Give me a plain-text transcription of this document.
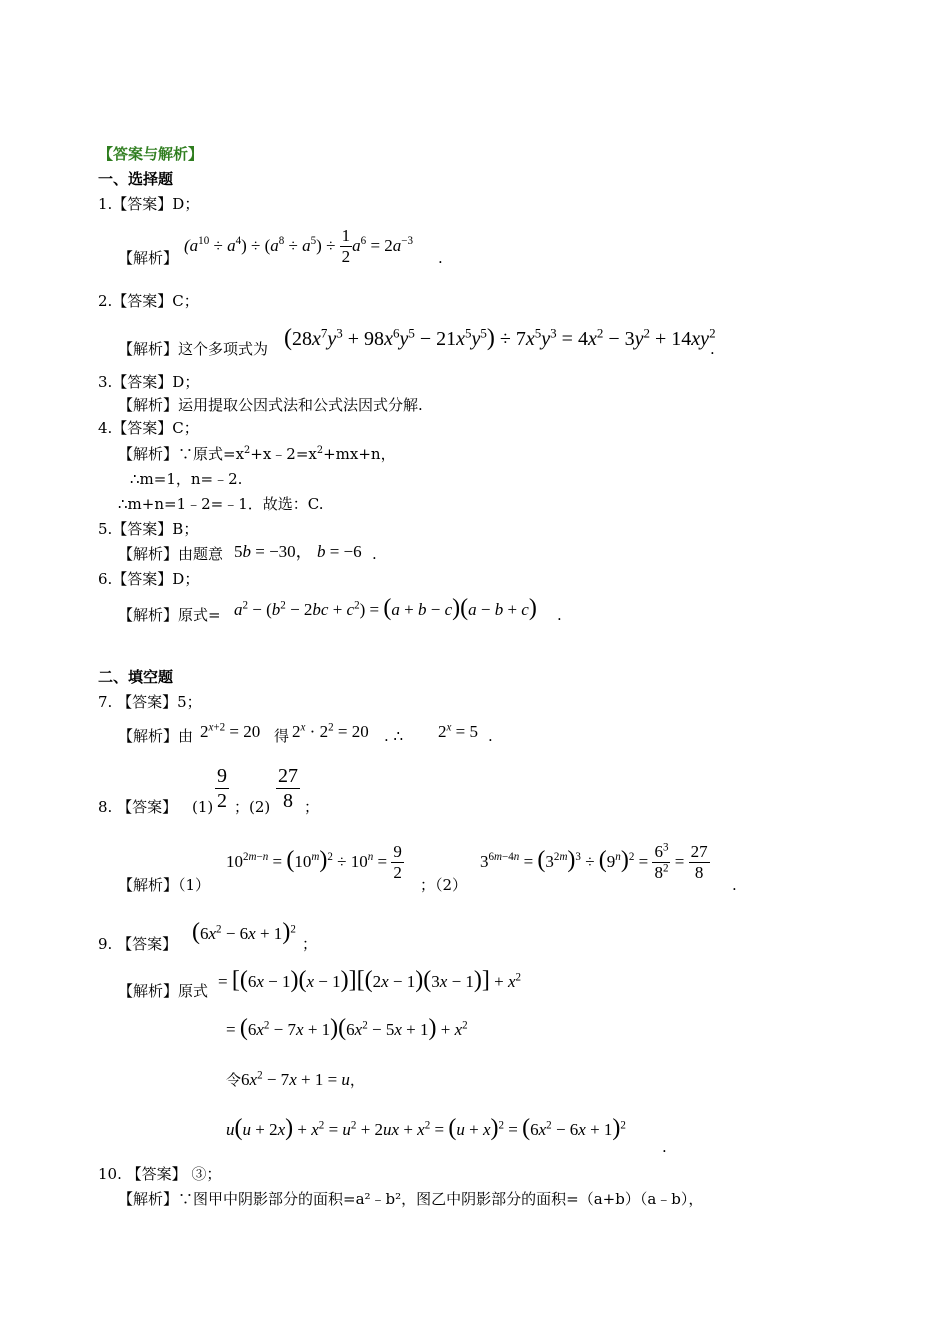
【答案与解析】
一、选择题
1.【答案】D；
【解析】
$(a^{10} \div a^4) \div (a^8 \div a^5) \div \frac{1}{2} a^6 = 2a^{-3}$
.
2.【答案】C；
【解析】这个多项式为 $(28x^7y^3 + 98x^6y^5 - 21x^5y^5) \div 7x^5y^3 = 4x^2 - 3y^2 + 14xy^2$
.
3.【答案】D；
【解析】运用提取公因式法和公式法因式分解.
4.【答案】C；
【解析】∵原式$=x^2+x﹣2=x^2+mx+n$，
∴m=1，n=﹣2.
∴m+n=1﹣2=﹣1．故选：C.
5.【答案】B；
【解析】由题意 5b = −30， b = −6 .
6.【答案】D；
【解析】原式= $a^2 - (b^2 - 2bc + c^2) = (a + b - c)(a - b + c)$ .
二、填空题
7. 【答案】5；
【解析】由 $2^{x+2} = 20$ 得 $2^x \cdot 2^2 = 20$ . ∴ $2^x = 5$ .
8. 【答案】 $(1) \frac{9}{2}$ ；$(2) \frac{27}{8}$ ；
【解析】（1）
$10^{2m-n} = (10^m)^2 \div 10^n = \frac{9}{2}$
；（2）
$3^{6m-4n} = (3^{2m})^3 \div (9^n)^2 = \frac{6^3}{8^2} = \frac{27}{8}$
.
9. 【答案】 $(6x^2 - 6x + 1)^2$
；
【解析】原式 = $[(6x - 1)(x - 1)][(2x - 1)(3x - 1)] + x^2$
= $(6x^2 - 7x + 1)(6x^2 - 5x + 1) + x^2$
令$6x^2 - 7x + 1 = u$，
$u(u + 2x) + x^2 = u^2 + 2ux + x^2 = (u + x)^2 = (6x^2 - 6x + 1)^2$
.
10. 【答案】 ③；
【解析】∵图甲中阴影部分的面积=a²﹣b²，图乙中阴影部分的面积=（a+b）（a﹣b），
